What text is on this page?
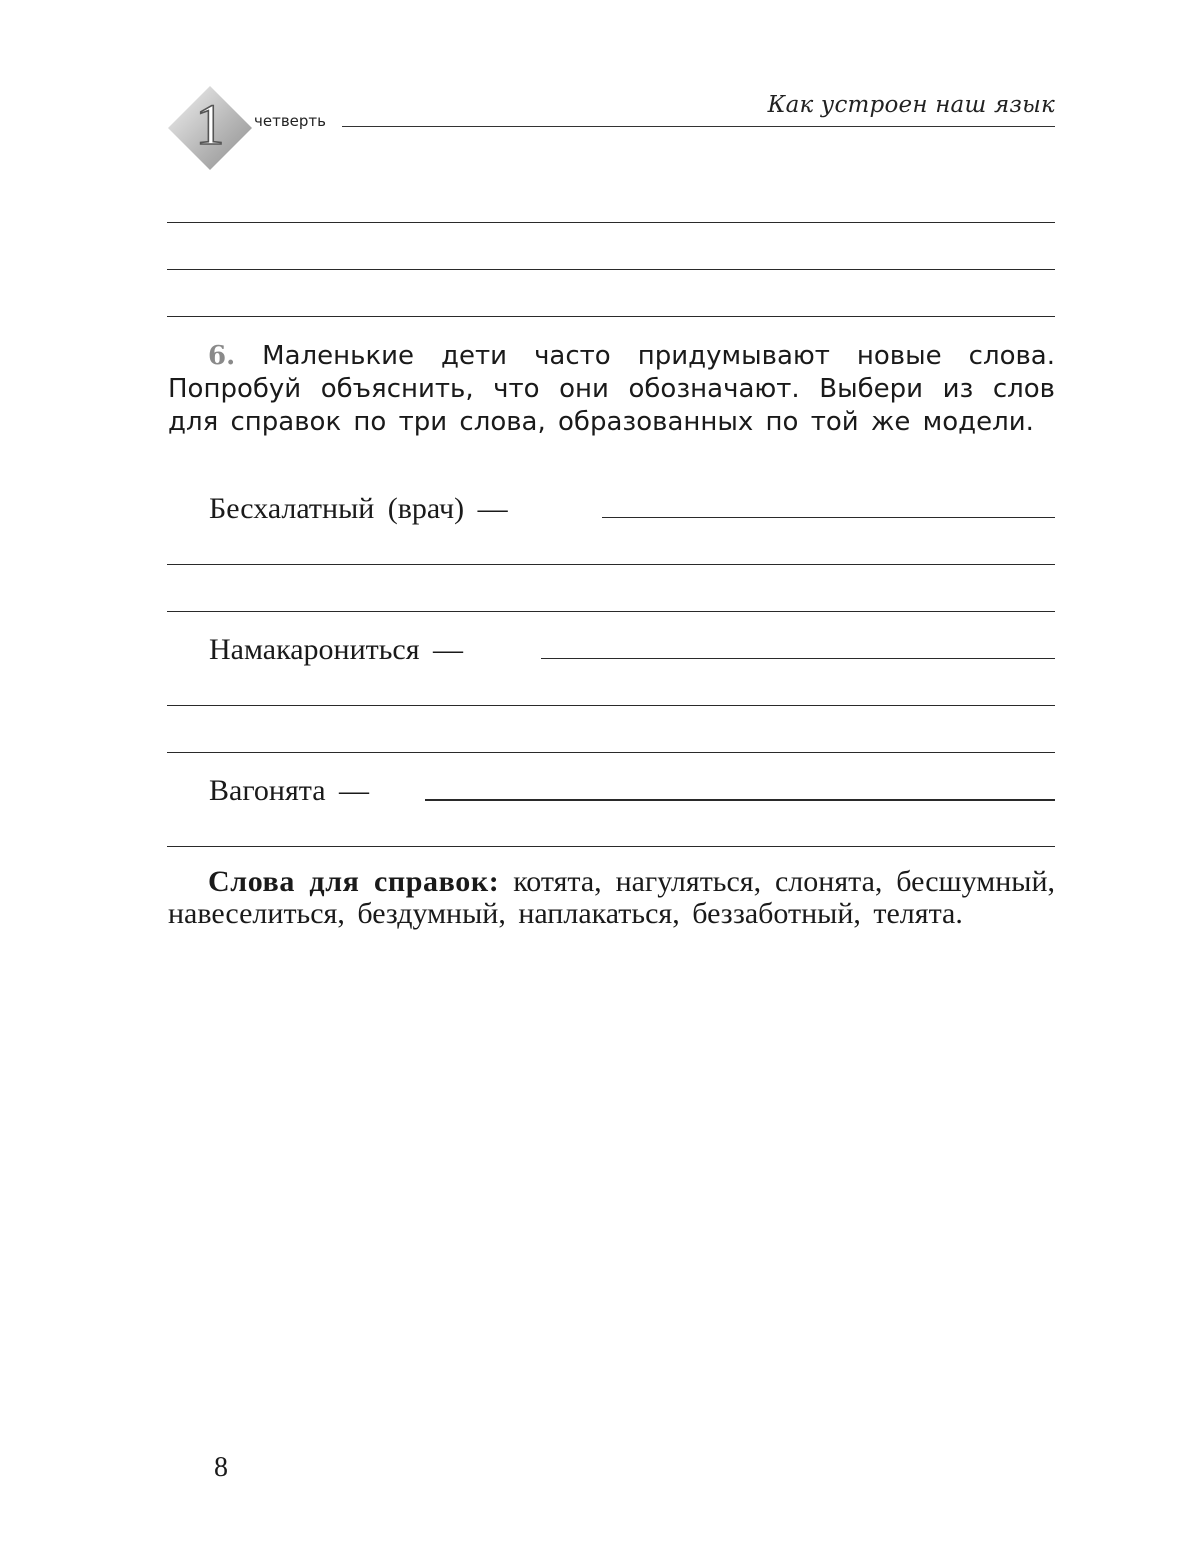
1 четверть
Как устроен наш язык

6. Маленькие дети часто придумывают новые слова. Попробуй объяснить, что они обозначают. Выбери из слов для справок по три слова, образованных по той же модели.

Бесхалатный (врач) —
Намакарониться —
Вагонята —

Слова для справок: котята, нагуляться, слонята, бесшумный, навеселиться, бездумный, наплакаться, беззаботный, телята.

8
